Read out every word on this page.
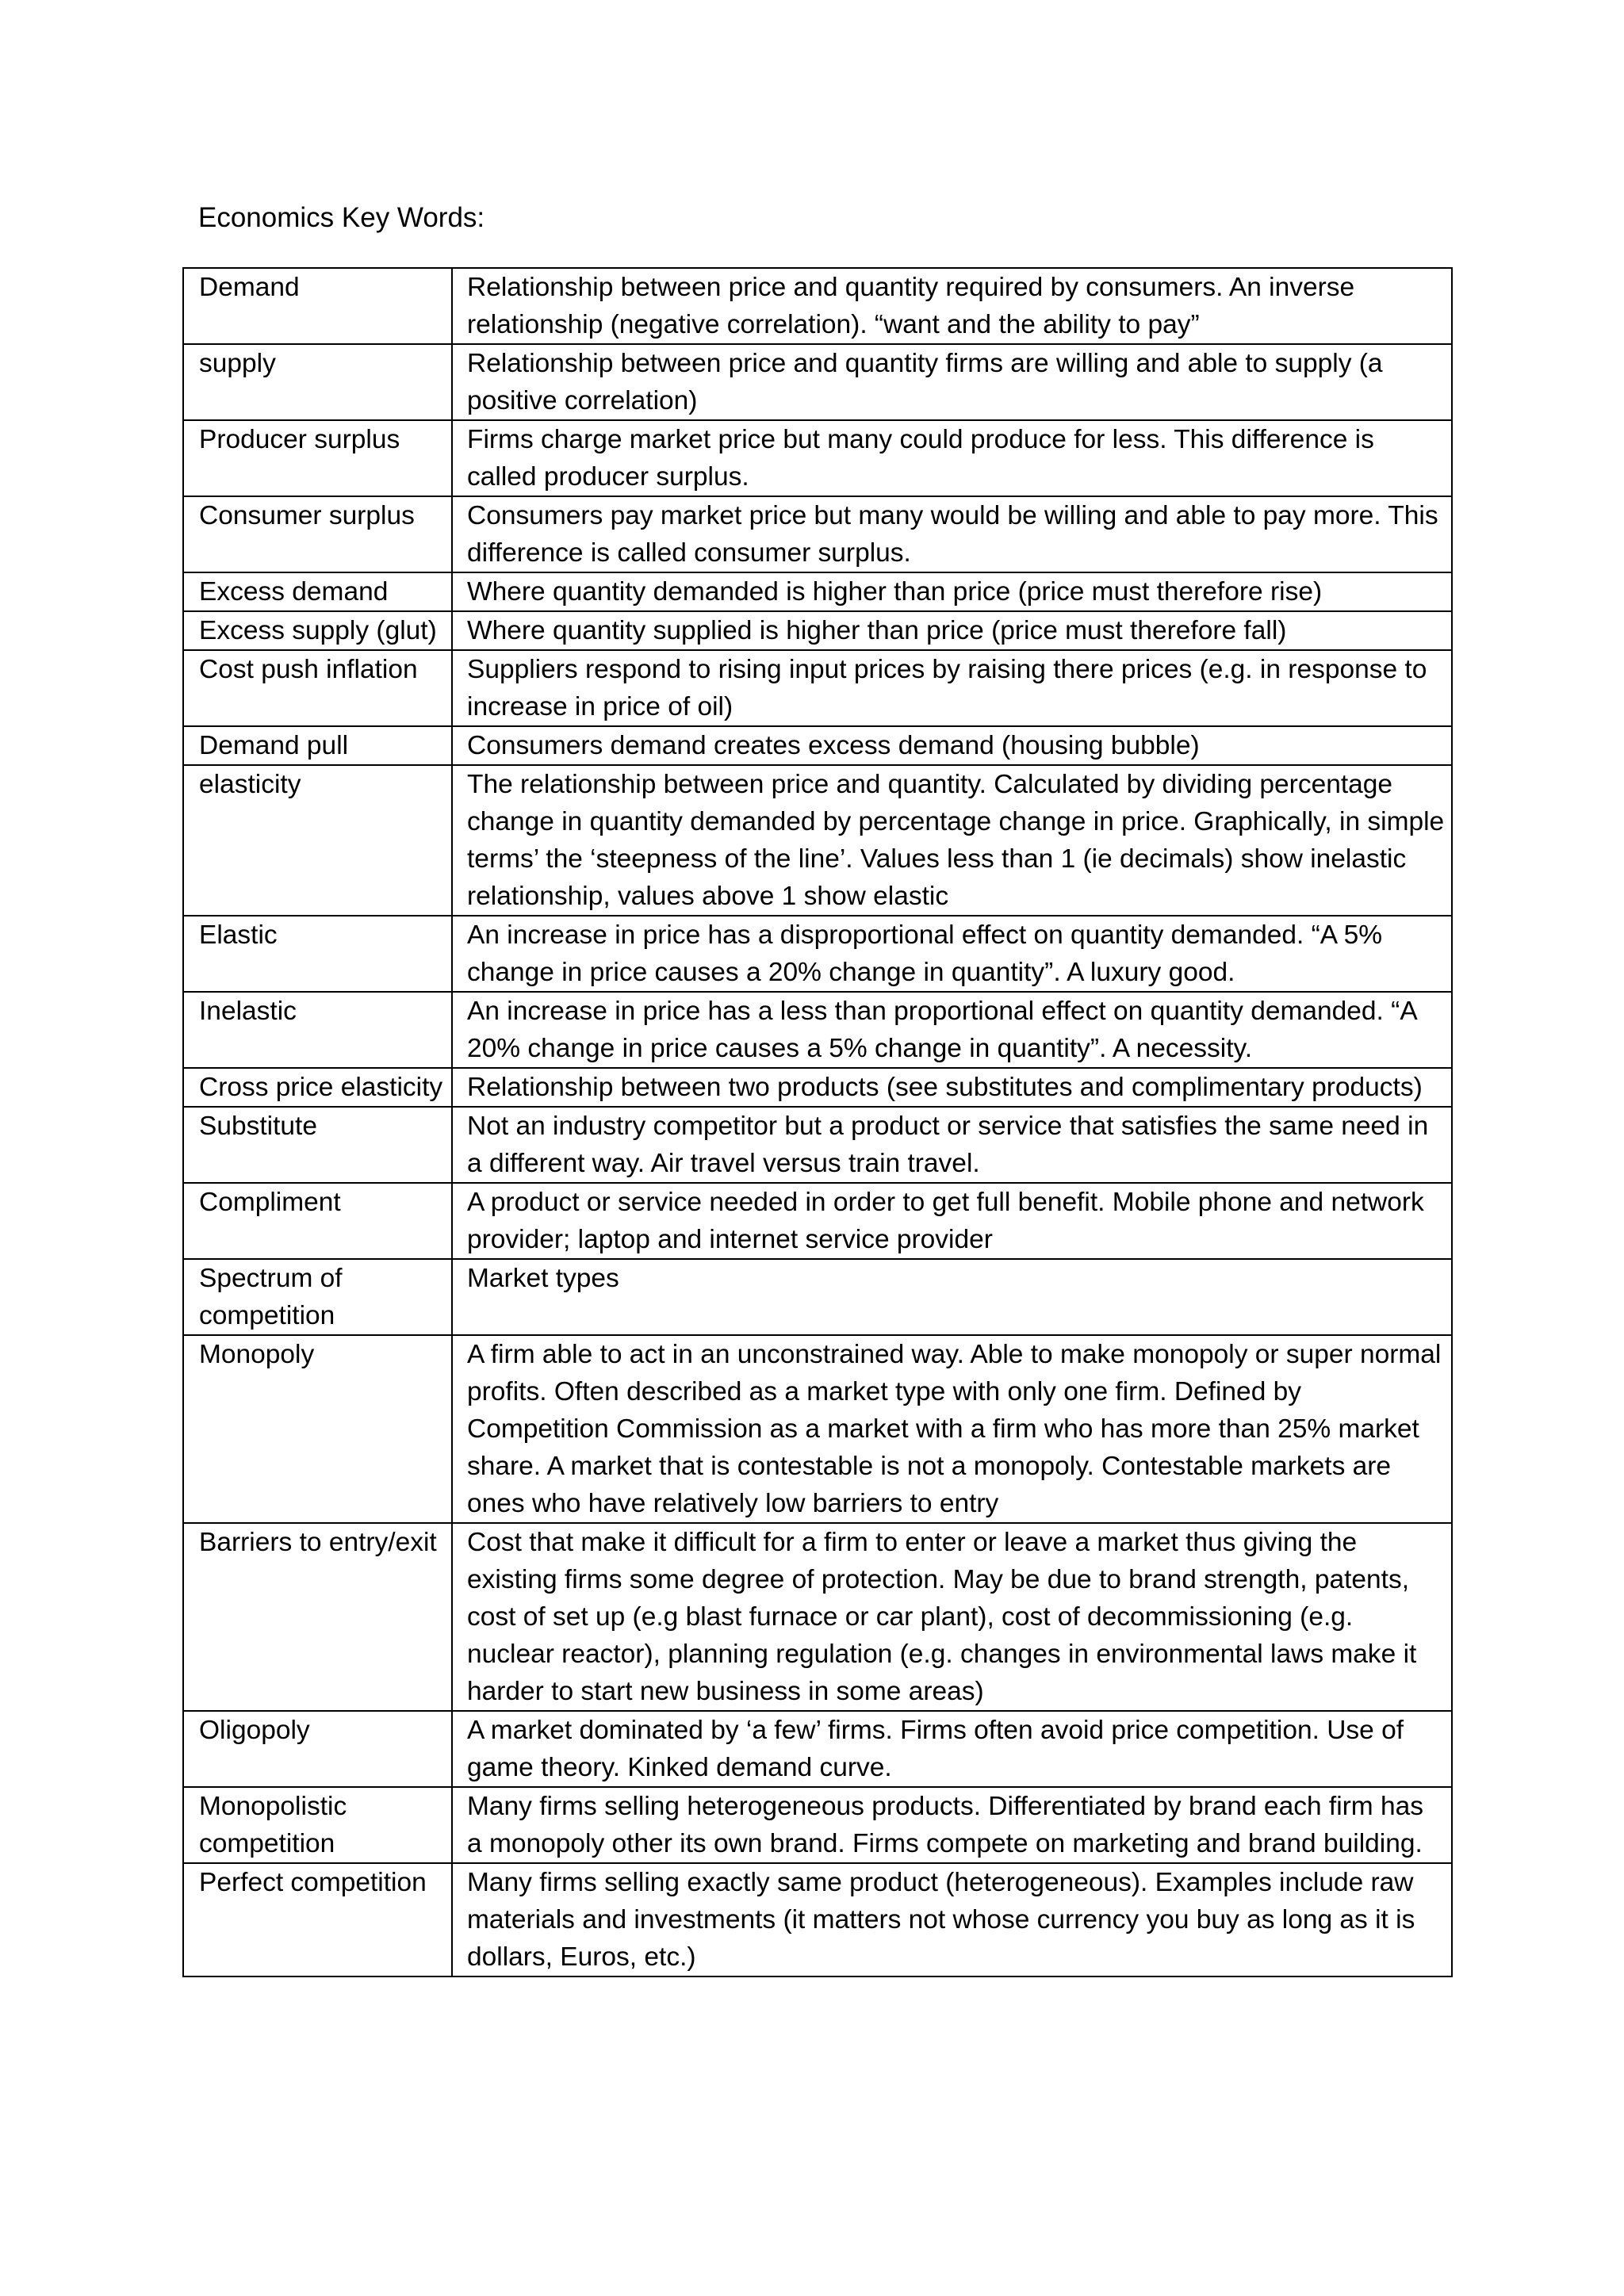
Economics Key Words:
Demand	Relationship between price and quantity required by consumers. An inverse relationship (negative correlation). “want and the ability to pay”
supply	Relationship between price and quantity firms are willing and able to supply (a positive correlation)
Producer surplus	Firms charge market price but many could produce for less. This difference is called producer surplus.
Consumer surplus	Consumers pay market price but many would be willing and able to pay more. This difference is called consumer surplus.
Excess demand	Where quantity demanded is higher than price (price must therefore rise)
Excess supply (glut)	Where quantity supplied is higher than price (price must therefore fall)
Cost push inflation	Suppliers respond to rising input prices by raising there prices (e.g. in response to increase in price of oil)
Demand pull	Consumers demand creates excess demand (housing bubble)
elasticity	The relationship between price and quantity. Calculated by dividing percentage change in quantity demanded by percentage change in price. Graphically, in simple terms’ the ‘steepness of the line’. Values less than 1 (ie decimals) show inelastic relationship, values above 1 show elastic
Elastic	An increase in price has a disproportional effect on quantity demanded. “A 5% change in price causes a 20% change in quantity”. A luxury good.
Inelastic	An increase in price has a less than proportional effect on quantity demanded. “A 20% change in price causes a 5% change in quantity”. A necessity.
Cross price elasticity	Relationship between two products (see substitutes and complimentary products)
Substitute	Not an industry competitor but a product or service that satisfies the same need in a different way. Air travel versus train travel.
Compliment	A product or service needed in order to get full benefit. Mobile phone and network provider; laptop and internet service provider
Spectrum of competition	Market types
Monopoly	A firm able to act in an unconstrained way. Able to make monopoly or super normal profits. Often described as a market type with only one firm. Defined by Competition Commission as a market with a firm who has more than 25% market share. A market that is contestable is not a monopoly. Contestable markets are ones who have relatively low barriers to entry
Barriers to entry/exit	Cost that make it difficult for a firm to enter or leave a market thus giving the existing firms some degree of protection. May be due to brand strength, patents, cost of set up (e.g blast furnace or car plant), cost of decommissioning (e.g. nuclear reactor), planning regulation (e.g. changes in environmental laws make it harder to start new business in some areas)
Oligopoly	A market dominated by ‘a few’ firms. Firms often avoid price competition. Use of game theory. Kinked demand curve.
Monopolistic competition	Many firms selling heterogeneous products. Differentiated by brand each firm has a monopoly other its own brand. Firms compete on marketing and brand building.
Perfect competition	Many firms selling exactly same product (heterogeneous). Examples include raw materials and investments (it matters not whose currency you buy as long as it is dollars, Euros, etc.)
